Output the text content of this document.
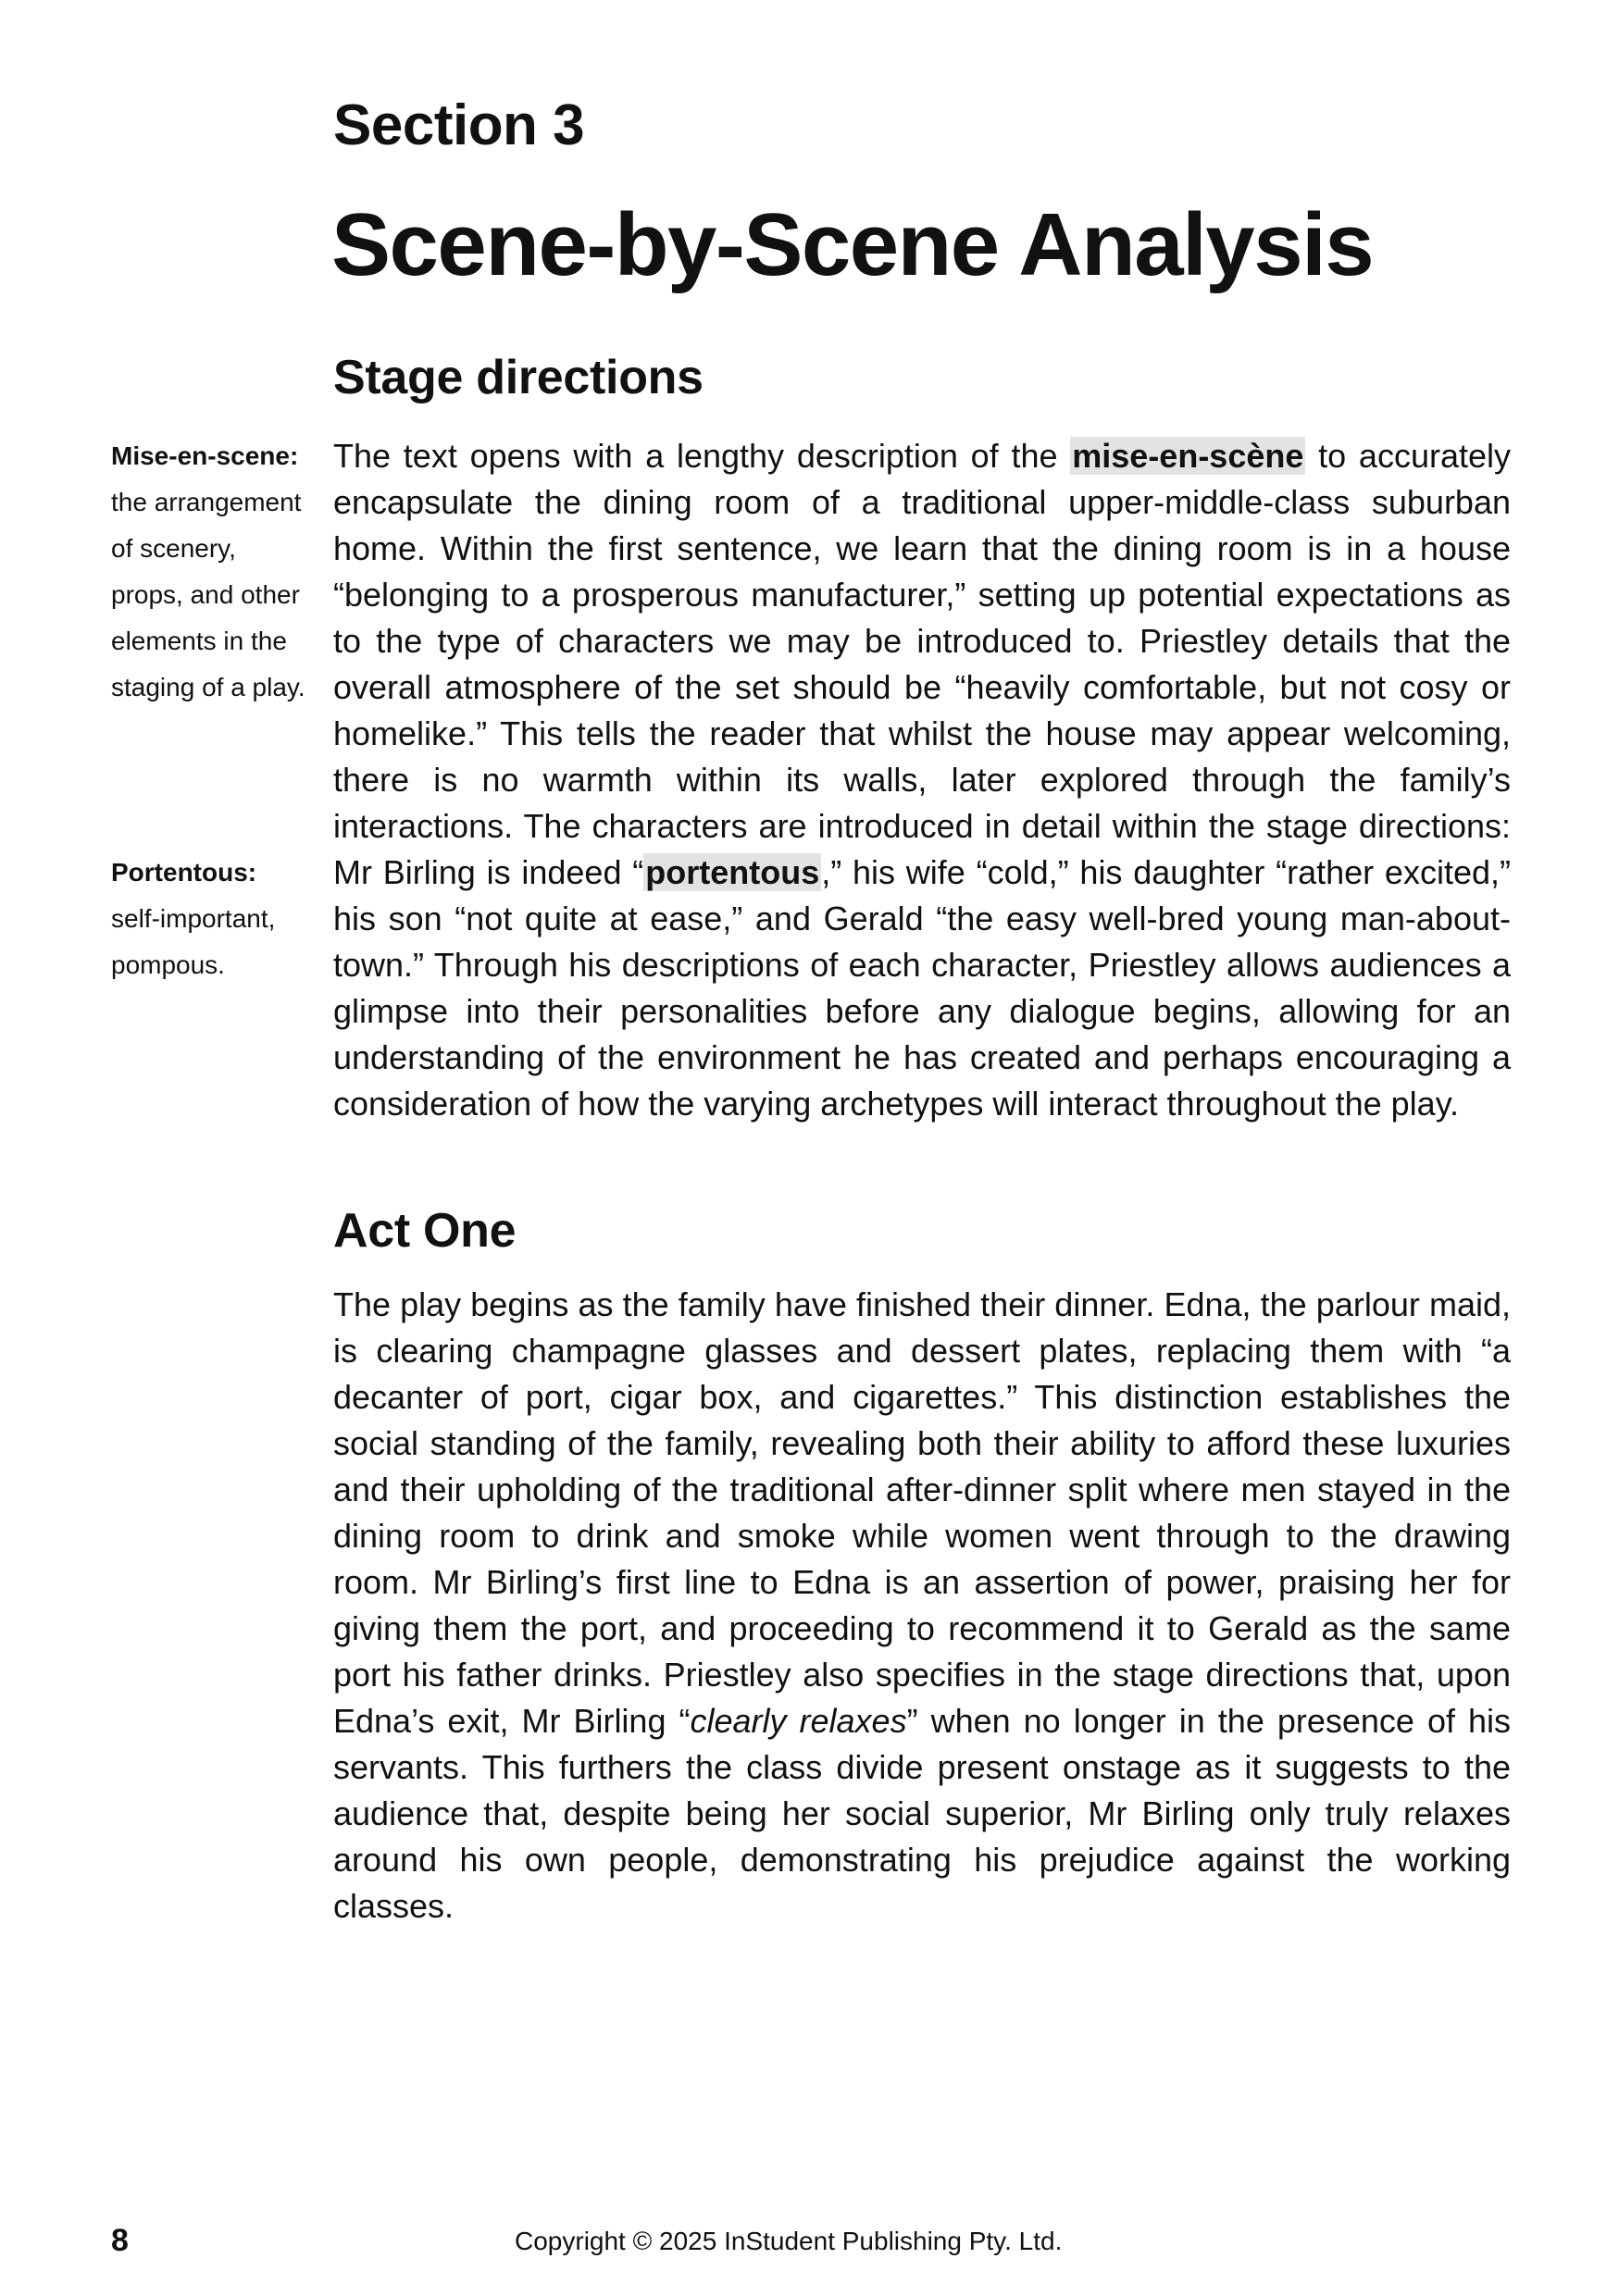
Section 3
Scene-by-Scene Analysis
Stage directions

Mise-en-scene: the arrangement of scenery, props, and other elements in the staging of a play.

Portentous: self-important, pompous.

The text opens with a lengthy description of the mise-en-scène to accurately encapsulate the dining room of a traditional upper-middle-class suburban home. Within the first sentence, we learn that the dining room is in a house “belonging to a prosperous manufacturer,” setting up potential expectations as to the type of characters we may be introduced to. Priestley details that the overall atmosphere of the set should be “heavily comfortable, but not cosy or homelike.” This tells the reader that whilst the house may appear welcoming, there is no warmth within its walls, later explored through the family’s interactions. The characters are introduced in detail within the stage directions: Mr Birling is indeed “portentous,” his wife “cold,” his daughter “rather excited,” his son “not quite at ease,” and Gerald “the easy well-bred young man-about-town.” Through his descriptions of each character, Priestley allows audiences a glimpse into their personalities before any dialogue begins, allowing for an understanding of the environment he has created and perhaps encouraging a consideration of how the varying archetypes will interact throughout the play.

Act One

The play begins as the family have finished their dinner. Edna, the parlour maid, is clearing champagne glasses and dessert plates, replacing them with “a decanter of port, cigar box, and cigarettes.” This distinction establishes the social standing of the family, revealing both their ability to afford these luxuries and their upholding of the traditional after-dinner split where men stayed in the dining room to drink and smoke while women went through to the drawing room. Mr Birling’s first line to Edna is an assertion of power, praising her for giving them the port, and proceeding to recommend it to Gerald as the same port his father drinks. Priestley also specifies in the stage directions that, upon Edna’s exit, Mr Birling “clearly relaxes” when no longer in the presence of his servants. This furthers the class divide present onstage as it suggests to the audience that, despite being her social superior, Mr Birling only truly relaxes around his own people, demonstrating his prejudice against the working classes.

8	Copyright © 2025 InStudent Publishing Pty. Ltd.
